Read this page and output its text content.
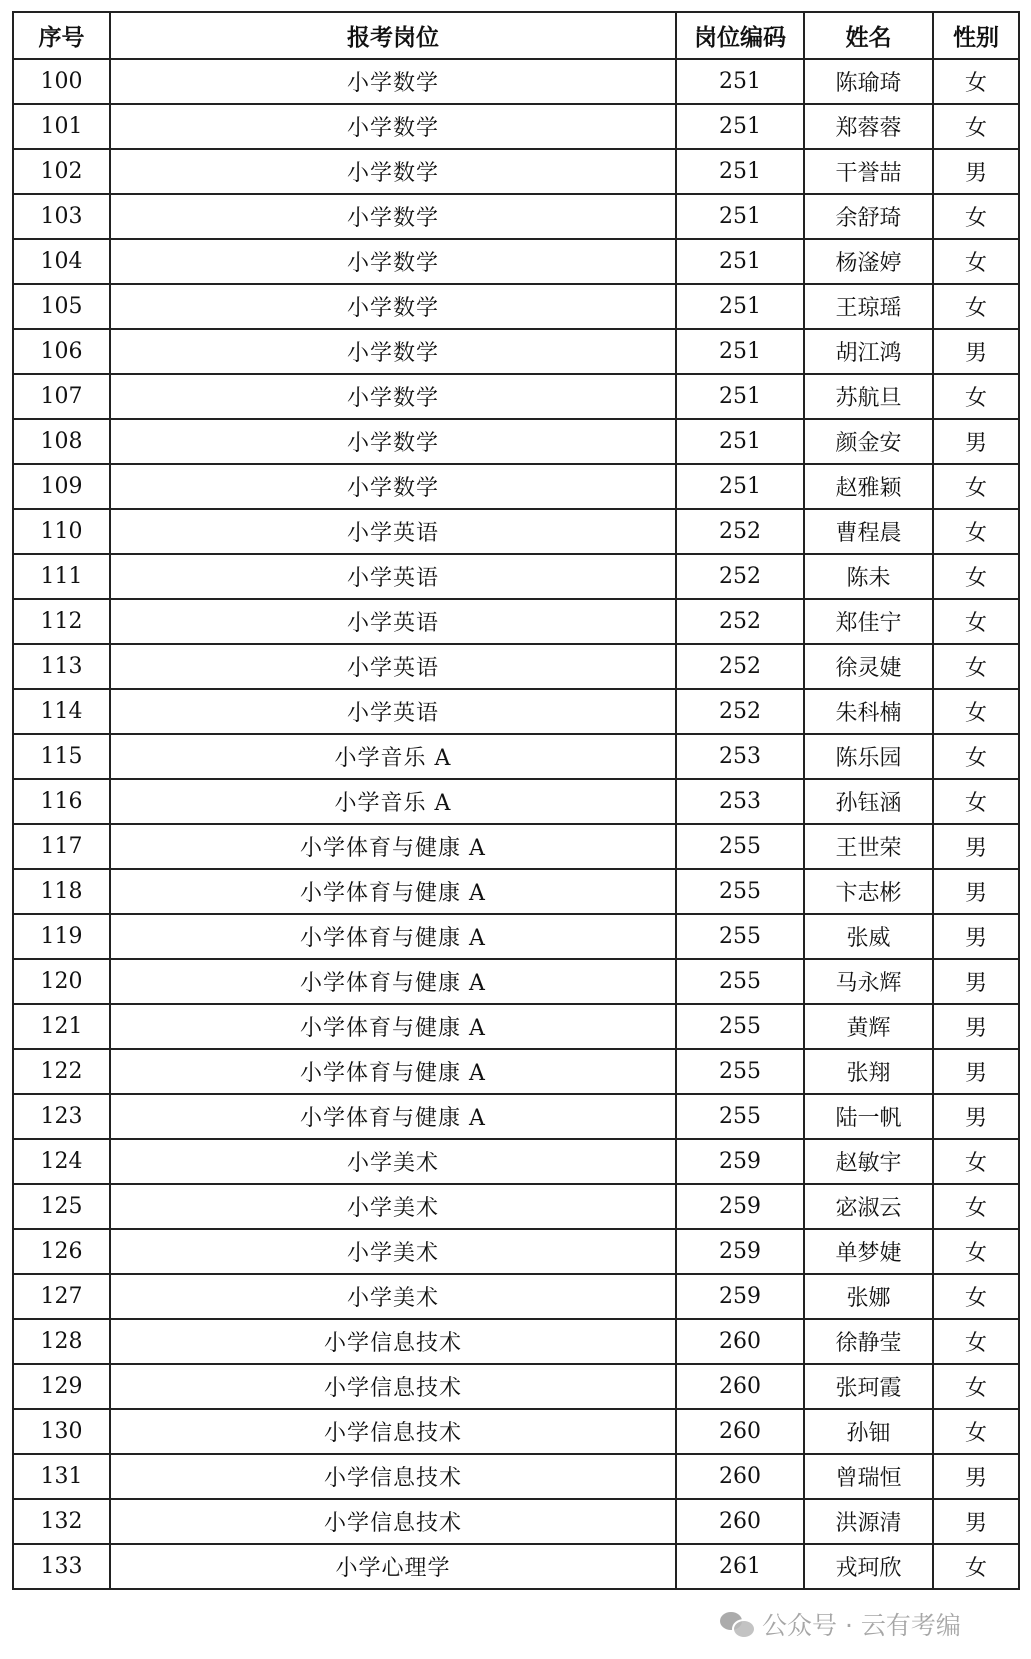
序号	报考岗位	岗位编码	姓名	性别
100	小学数学	251	陈瑜琦	女
101	小学数学	251	郑蓉蓉	女
102	小学数学	251	干誉喆	男
103	小学数学	251	余舒琦	女
104	小学数学	251	杨滏婷	女
105	小学数学	251	王琼瑶	女
106	小学数学	251	胡江鸿	男
107	小学数学	251	苏航旦	女
108	小学数学	251	颜金安	男
109	小学数学	251	赵雅颖	女
110	小学英语	252	曹程晨	女
111	小学英语	252	陈未	女
112	小学英语	252	郑佳宁	女
113	小学英语	252	徐灵婕	女
114	小学英语	252	朱科楠	女
115	小学音乐 A	253	陈乐园	女
116	小学音乐 A	253	孙钰涵	女
117	小学体育与健康 A	255	王世荣	男
118	小学体育与健康 A	255	卞志彬	男
119	小学体育与健康 A	255	张威	男
120	小学体育与健康 A	255	马永辉	男
121	小学体育与健康 A	255	黄辉	男
122	小学体育与健康 A	255	张翔	男
123	小学体育与健康 A	255	陆一帆	男
124	小学美术	259	赵敏宇	女
125	小学美术	259	宓淑云	女
126	小学美术	259	单梦婕	女
127	小学美术	259	张娜	女
128	小学信息技术	260	徐静莹	女
129	小学信息技术	260	张珂霞	女
130	小学信息技术	260	孙钿	女
131	小学信息技术	260	曾瑞恒	男
132	小学信息技术	260	洪源清	男
133	小学心理学	261	戎珂欣	女
公众号 · 云有考编
